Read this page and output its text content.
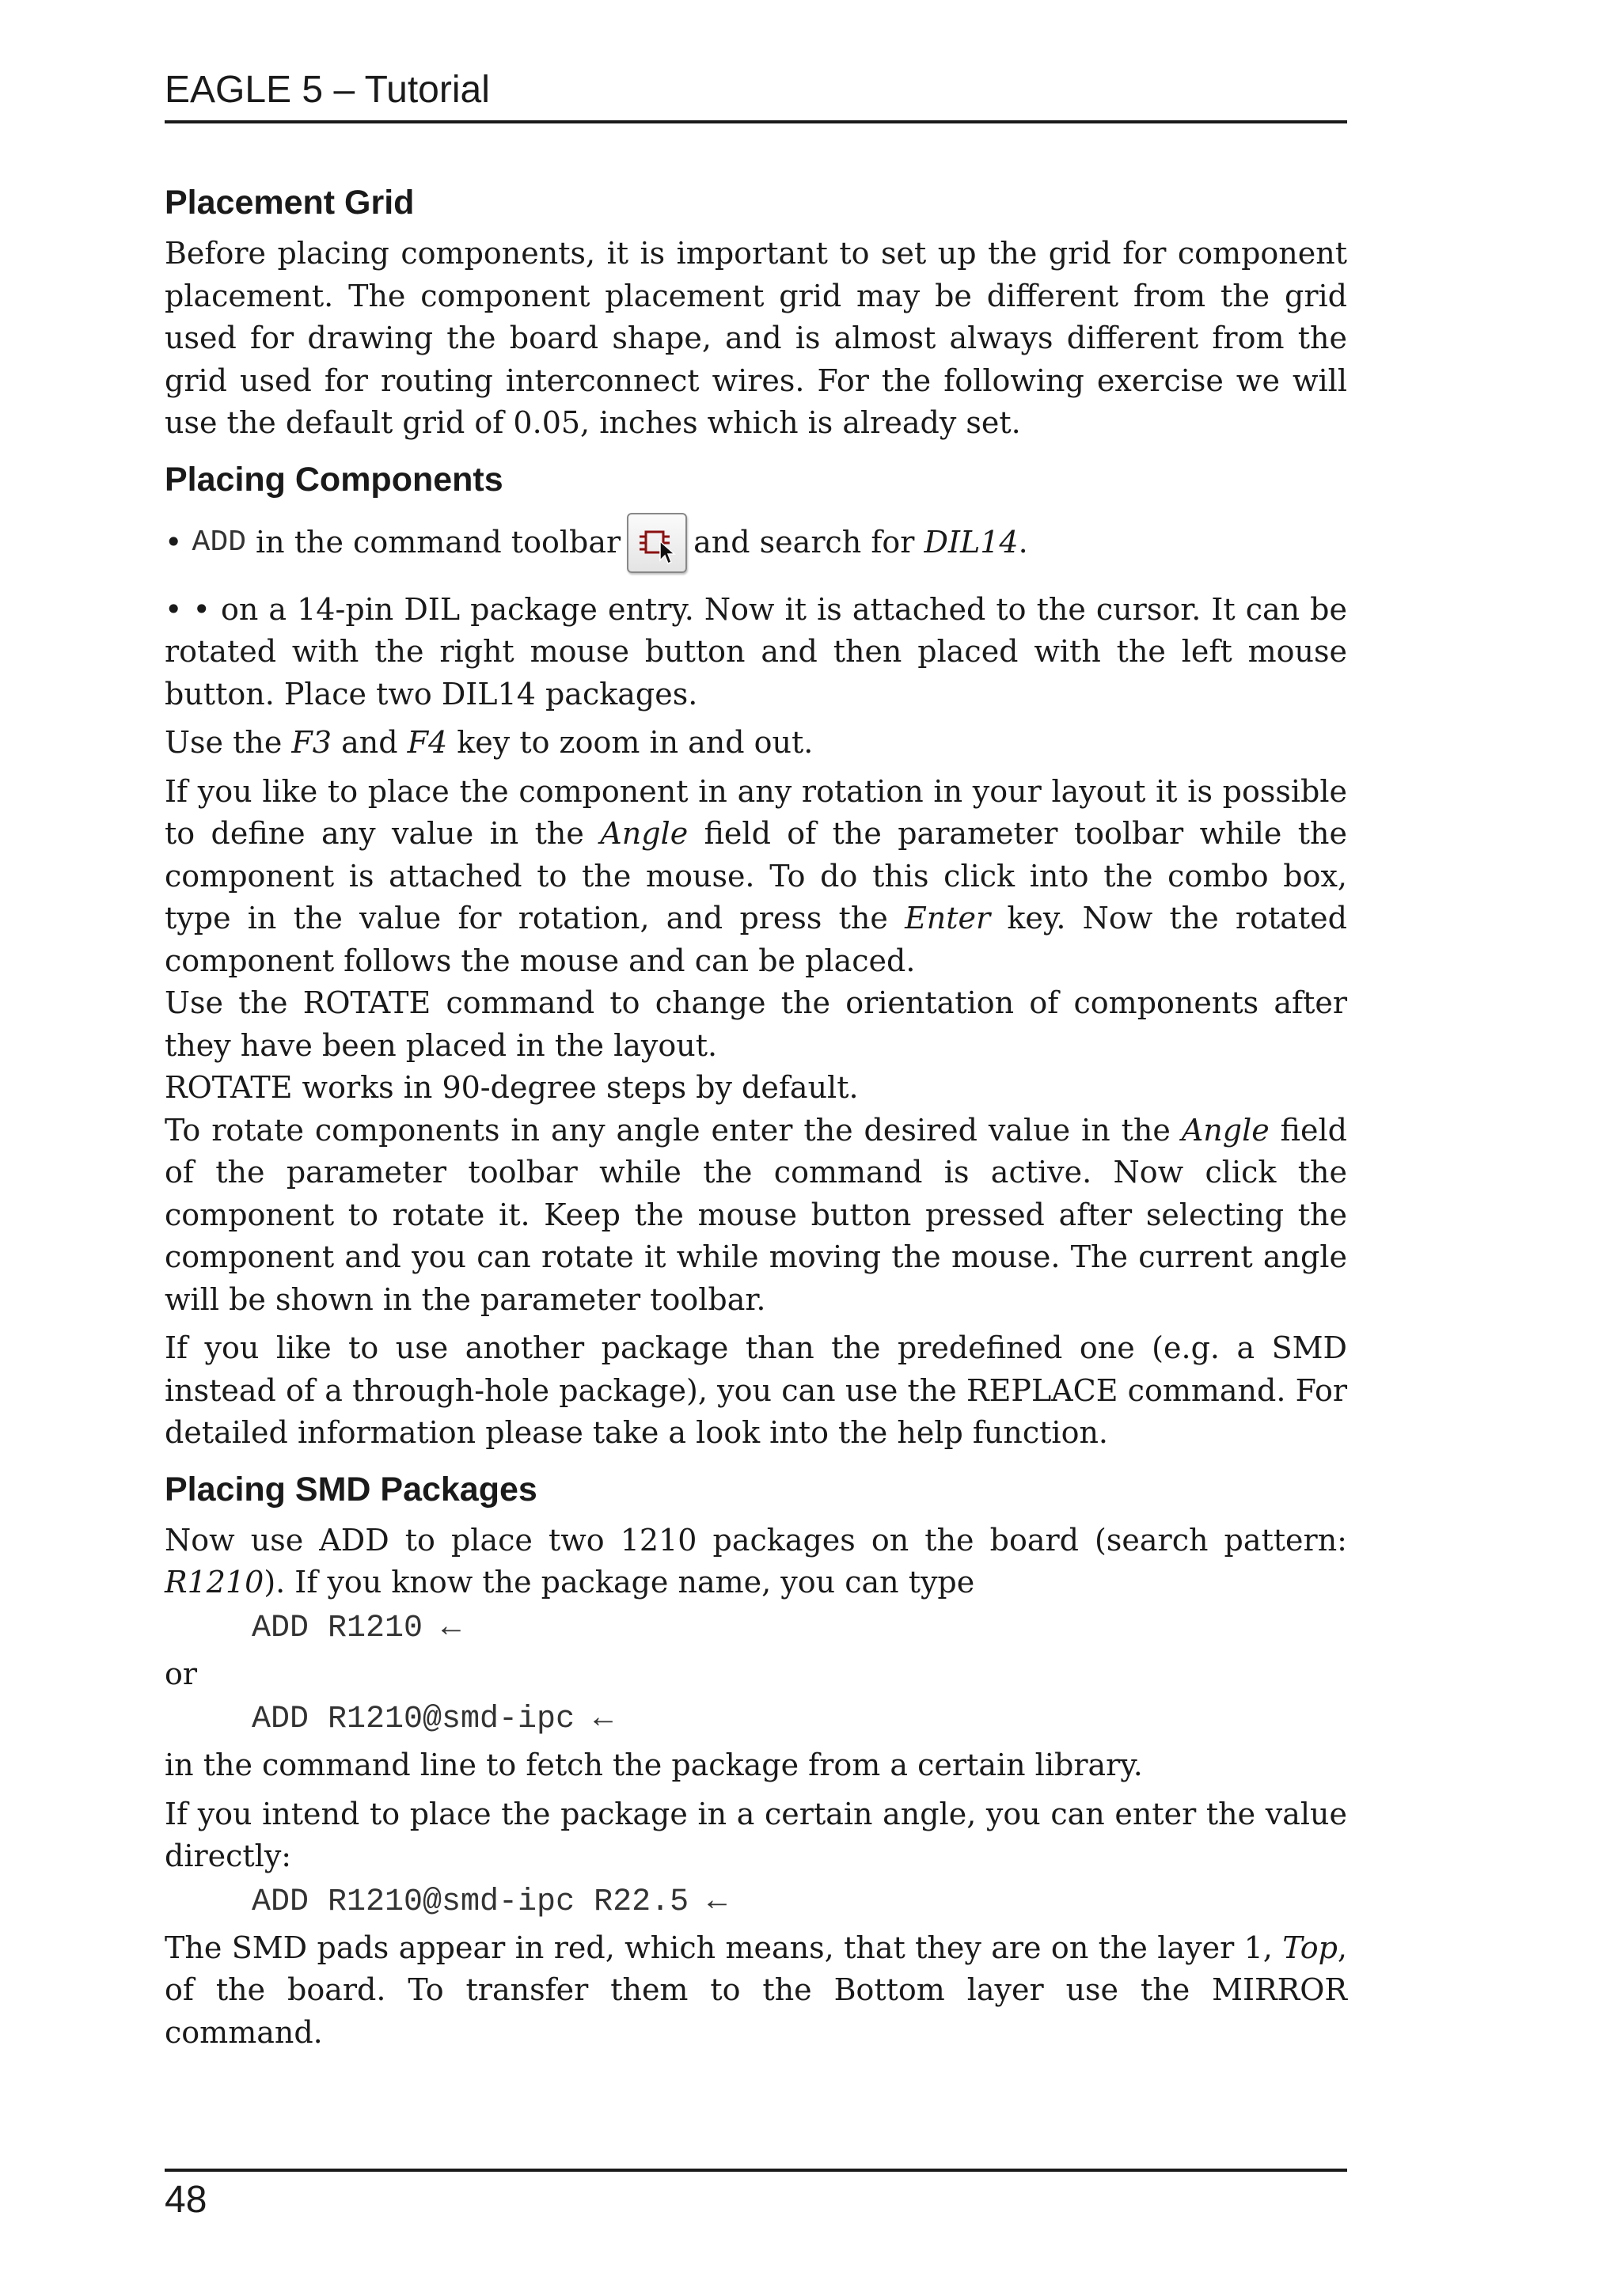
EAGLE 5 – Tutorial
Placement Grid

Before placing components, it is important to set up the grid for component placement. The component placement grid may be different from the grid used for drawing the board shape, and is almost always different from the grid used for routing interconnect wires. For the following exercise we will use the default grid of 0.05, inches which is already set.

Placing Components
•
ADD
in the command toolbar and search for
DIL14 .

• • on a 14-pin DIL package entry. Now it is attached to the cursor. It can be rotated with the right mouse button and then placed with the left mouse button. Place two DIL14 packages.

Use the F3 and F4 key to zoom in and out.

If you like to place the component in any rotation in your layout it is possible to define any value in the Angle field of the parameter toolbar while the component is attached to the mouse. To do this click into the combo box, type in the value for rotation, and press the Enter key. Now the rotated component follows the mouse and can be placed.

Use the ROTATE command to change the orientation of components after they have been placed in the layout.

ROTATE works in 90-degree steps by default.

To rotate components in any angle enter the desired value in the Angle field of the parameter toolbar while the command is active. Now click the component to rotate it. Keep the mouse button pressed after selecting the component and you can rotate it while moving the mouse. The current angle will be shown in the parameter toolbar.

If you like to use another package than the predefined one (e.g. a SMD instead of a through-hole package), you can use the REPLACE command. For detailed information please take a look into the help function.

Placing SMD Packages

Now use ADD to place two 1210 packages on the board (search pattern: R1210). If you know the package name, you can type

ADD R1210 ←

or

ADD R1210@smd-ipc ←

in the command line to fetch the package from a certain library.

If you intend to place the package in a certain angle, you can enter the value directly:

ADD R1210@smd-ipc R22.5 ←

The SMD pads appear in red, which means, that they are on the layer 1, Top, of the board. To transfer them to the Bottom layer use the MIRROR command.

48
